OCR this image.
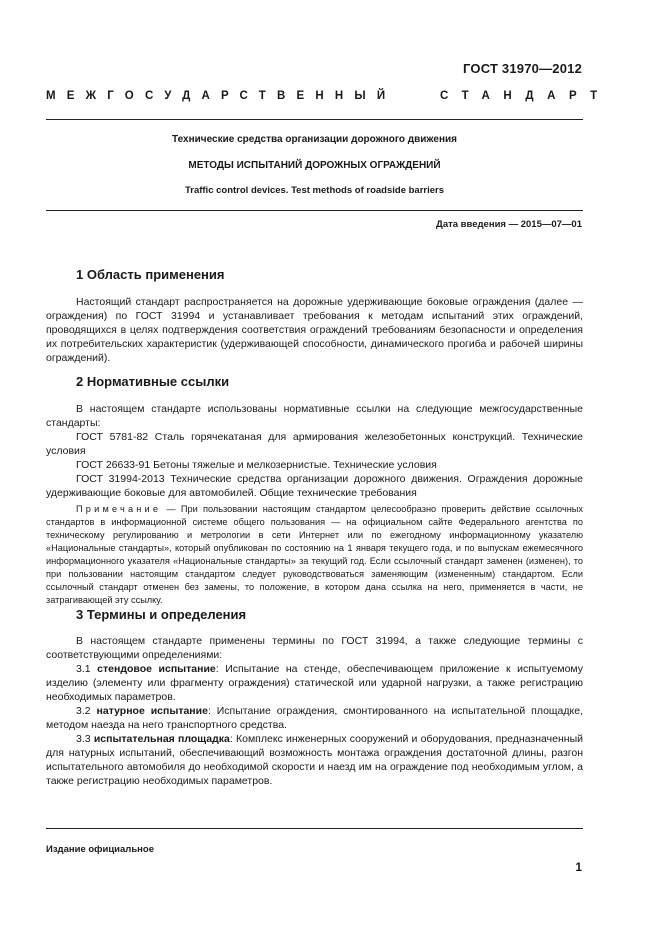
ГОСТ 31970—2012
МЕЖГОСУДАРСТВЕННЫЙ	СТАНДАРТ
Технические средства организации дорожного движения
МЕТОДЫ ИСПЫТАНИЙ ДОРОЖНЫХ ОГРАЖДЕНИЙ
Traffic control devices. Test methods of roadside barriers
Дата введения — 2015—07—01
1 Область применения

Настоящий стандарт распространяется на дорожные удерживающие боковые ограждения (далее — ограждения) по ГОСТ 31994 и устанавливает требования к методам испытаний этих ограждений, проводящихся в целях подтверждения соответствия ограждений требованиям безопасности и определения их потребительских характеристик (удерживающей способности, динамического прогиба и рабочей ширины ограждений).

2 Нормативные ссылки

В настоящем стандарте использованы нормативные ссылки на следующие межгосударственные стандарты:

ГОСТ 5781-82 Сталь горячекатаная для армирования железобетонных конструкций. Технические условия

ГОСТ 26633-91 Бетоны тяжелые и мелкозернистые. Технические условия

ГОСТ 31994-2013 Технические средства организации дорожного движения. Ограждения дорожные удерживающие боковые для автомобилей. Общие технические требования

Примечание — При пользовании настоящим стандартом целесообразно проверить действие ссылочных стандартов в информационной системе общего пользования — на официальном сайте Федерального агентства по техническому регулированию и метрологии в сети Интернет или по ежегодному информационному указателю «Национальные стандарты», который опубликован по состоянию на 1 января текущего года, и по выпускам ежемесячного информационного указателя «Национальные стандарты» за текущий год. Если ссылочный стандарт заменен (изменен), то при пользовании настоящим стандартом следует руководствоваться заменяющим (измененным) стандартом. Если ссылочный стандарт отменен без замены, то положение, в котором дана ссылка на него, применяется в части, не затрагивающей эту ссылку.

3 Термины и определения

В настоящем стандарте применены термины по ГОСТ 31994, а также следующие термины с соответствующими определениями:

3.1 стендовое испытание: Испытание на стенде, обеспечивающем приложение к испытуемому изделию (элементу или фрагменту ограждения) статической или ударной нагрузки, а также регистрацию необходимых параметров.

3.2 натурное испытание: Испытание ограждения, смонтированного на испытательной площадке, методом наезда на него транспортного средства.

3.3 испытательная площадка: Комплекс инженерных сооружений и оборудования, предназначенный для натурных испытаний, обеспечивающий возможность монтажа ограждения достаточной длины, разгон испытательного автомобиля до необходимой скорости и наезд им на ограждение под необходимым углом, а также регистрацию необходимых параметров.

Издание официальное
1
